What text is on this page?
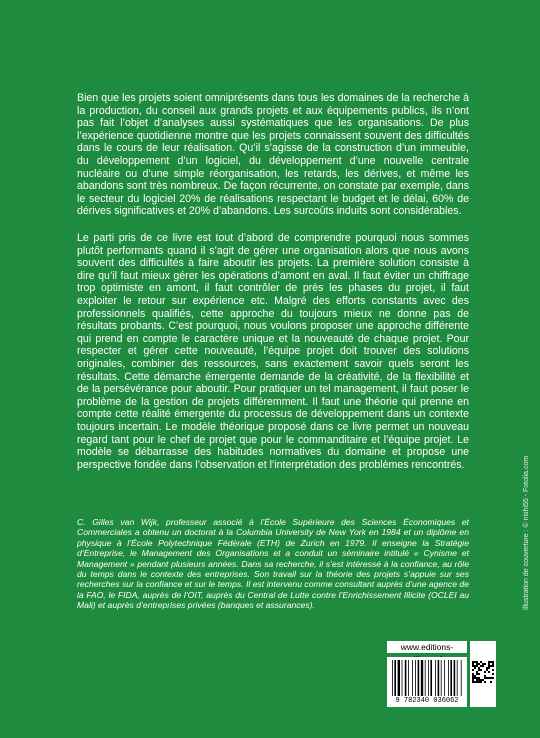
Bien que les projets soient omniprésents dans tous les domaines de la recherche à la production, du conseil aux grands projets et aux équipements publics, ils n’ont pas fait l’objet d’analyses aussi systématiques que les organisations. De plus l’expérience quotidienne montre que les projets connaissent souvent des difficultés dans le cours de leur réalisation. Qu’il s’agisse de la construction d’un immeuble, du développement d’un logiciel, du développement d’une nouvelle centrale nucléaire ou d’une simple réorganisation, les retards, les dérives, et même les abandons sont très nombreux. De façon récurrente, on constate par exemple, dans le secteur du logiciel 20% de réalisations respectant le budget et le délai, 60% de dérives significatives et 20% d’abandons. Les surcoûts induits sont considérables.

Le parti pris de ce livre est tout d’abord de comprendre pourquoi nous sommes plutôt performants quand il s’agit de gérer une organisation alors que nous avons souvent des difficultés à faire aboutir les projets. La première solution consiste à dire qu’il faut mieux gérer les opérations d’amont en aval. Il faut éviter un chiffrage trop optimiste en amont, il faut contrôler de près les phases du projet, il faut exploiter le retour sur expérience etc. Malgré des efforts constants avec des professionnels qualifiés, cette approche du toujours mieux ne donne pas de résultats probants. C’est pourquoi, nous voulons proposer une approche différente qui prend en compte le caractère unique et la nouveauté de chaque projet. Pour respecter et gérer cette nouveauté, l’équipe projet doit trouver des solutions originales, combiner des ressources, sans exactement savoir quels seront les résultats. Cette démarche émergente demande de la créativité, de la flexibilité et de la persévérance pour aboutir. Pour pratiquer un tel management, il faut poser le problème de la gestion de projets différemment. Il faut une théorie qui prenne en compte cette réalité émergente du processus de développement dans un contexte toujours incertain. Le modèle théorique proposé dans ce livre permet un nouveau regard tant pour le chef de projet que pour le commanditaire et l’équipe projet. Le modèle se débarrasse des habitudes normatives du domaine et propose une perspective fondée dans l’observation et l’interprétation des problèmes rencontrés.

C. Gilles van Wijk, professeur associé à l’École Supérieure des Sciences Économiques et Commerciales a obtenu un doctorat à la Columbia University de New York en 1984 et un diplôme en physique à l’École Polytechnique Fédérale (ETH) de Zurich en 1979. Il enseigne la Stratégie d’Entreprise, le Management des Organisations et a conduit un séminaire intitulé « Cynisme et Management » pendant plusieurs années. Dans sa recherche, il s’est intéressé à la confiance, au rôle du temps dans le contexte des entreprises. Son travail sur la théorie des projets s’appuie sur ses recherches sur la confiance et sur le temps. Il est intervenu comme consultant auprès d’une agence de la FAO, le FIDA, auprès de l’OIT, auprès du Central de Lutte contre l’Enrichissement Illicite (OCLEI au Mali) et auprès d’entreprises privées (banques et assurances).

www.editions-
9 782340 036062
Illustration de couverture : © nishi55 - Fotolia.com
